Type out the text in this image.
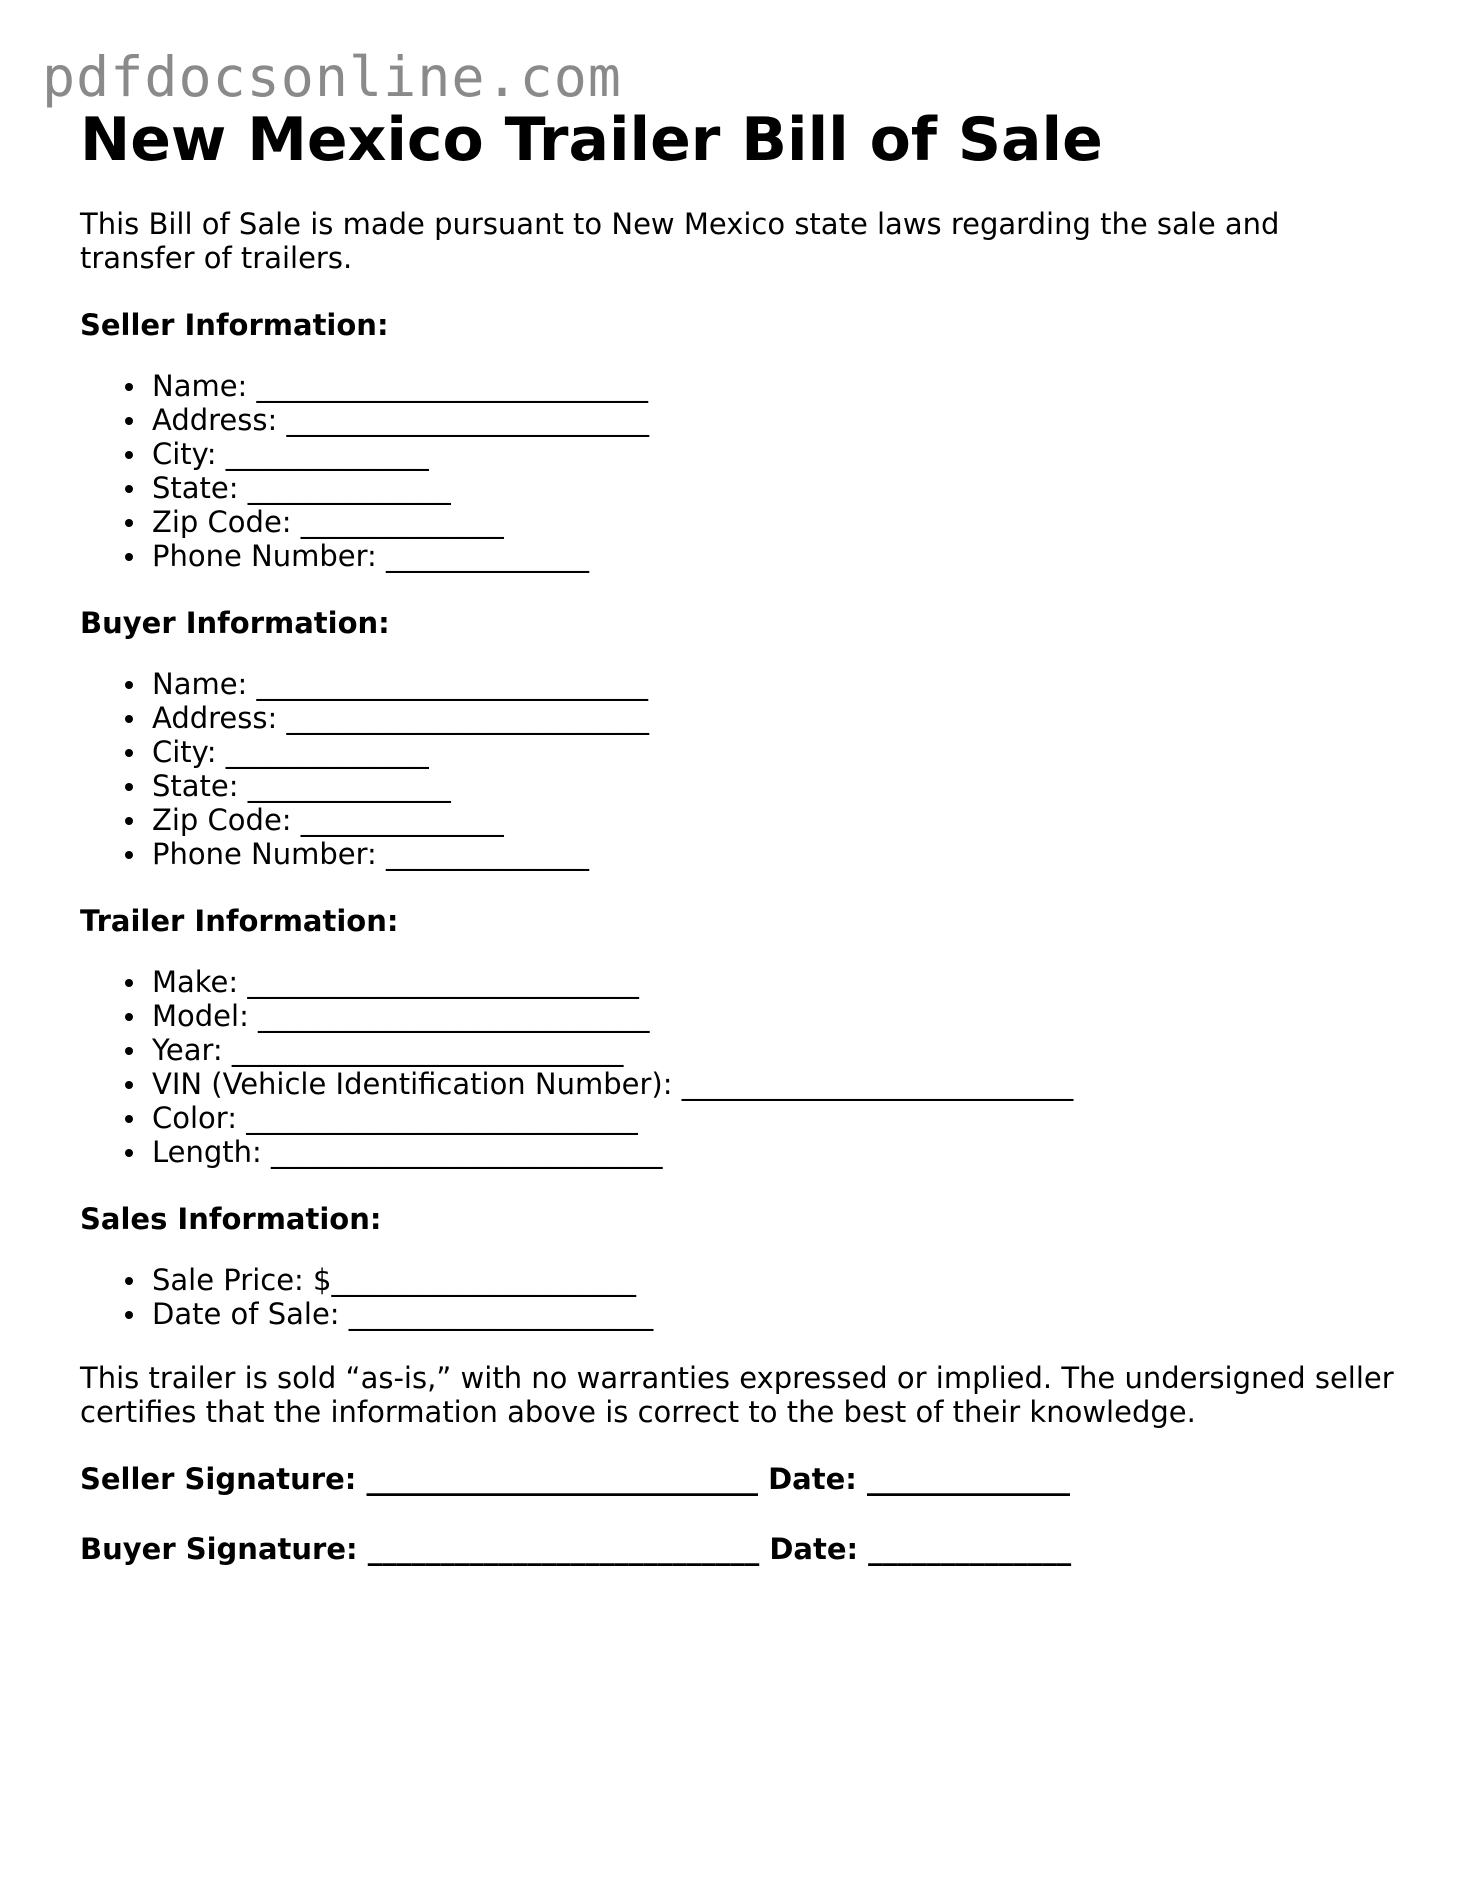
pdfdocsonline.com
New Mexico Trailer Bill of Sale

This Bill of Sale is made pursuant to New Mexico state laws regarding the sale and transfer of trailers.

Seller Information:
Name: ___________________________
Address: _________________________
City: ______________
State: ______________
Zip Code: ______________
Phone Number: ______________
Buyer Information:
Name: ___________________________
Address: _________________________
City: ______________
State: ______________
Zip Code: ______________
Phone Number: ______________
Trailer Information:
Make: ___________________________
Model: ___________________________
Year: ___________________________
VIN (Vehicle Identification Number): ___________________________
Color: ___________________________
Length: ___________________________
Sales Information:
Sale Price: $_____________________
Date of Sale: _____________________

This trailer is sold “as-is,” with no warranties expressed or implied. The undersigned seller certifies that the information above is correct to the best of their knowledge.

Seller Signature: ___________________________ Date: ______________
Buyer Signature: ___________________________ Date: ______________
